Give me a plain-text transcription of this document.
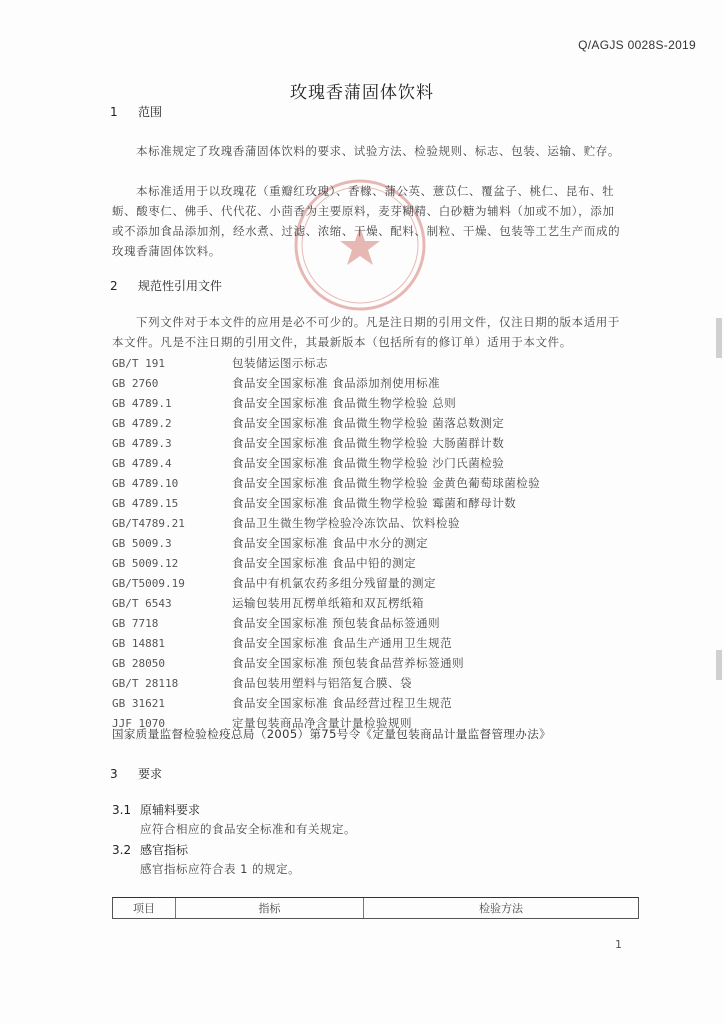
Q/AGJS 0028S-2019
玫瑰香蒲固体饮料
1 范围
本标准规定了玫瑰香蒲固体饮料的要求、试验方法、检验规则、标志、包装、运输、贮存。
本标准适用于以玫瑰花（重瓣红玫瑰）、香橼、蒲公英、薏苡仁、覆盆子、桃仁、昆布、牡蛎、酸枣仁、佛手、代代花、小茴香为主要原料，麦芽糊精、白砂糖为辅料（加或不加），添加或不添加食品添加剂，经水煮、过滤、浓缩、干燥、配料、制粒、干燥、包装等工艺生产而成的玫瑰香蒲固体饮料。
2 规范性引用文件
下列文件对于本文件的应用是必不可少的。凡是注日期的引用文件，仅注日期的版本适用于本文件。凡是不注日期的引用文件，其最新版本（包括所有的修订单）适用于本文件。
GB/T 191	包装储运图示标志
GB 2760	食品安全国家标准 食品添加剂使用标准
GB 4789.1	食品安全国家标准 食品微生物学检验 总则
GB 4789.2	食品安全国家标准 食品微生物学检验 菌落总数测定
GB 4789.3	食品安全国家标准 食品微生物学检验 大肠菌群计数
GB 4789.4	食品安全国家标准 食品微生物学检验 沙门氏菌检验
GB 4789.10	食品安全国家标准 食品微生物学检验 金黄色葡萄球菌检验
GB 4789.15	食品安全国家标准 食品微生物学检验 霉菌和酵母计数
GB/T4789.21	食品卫生微生物学检验冷冻饮品、饮料检验
GB 5009.3	食品安全国家标准 食品中水分的测定
GB 5009.12	食品安全国家标准 食品中铅的测定
GB/T5009.19	食品中有机氯农药多组分残留量的测定
GB/T 6543	运输包装用瓦楞单纸箱和双瓦楞纸箱
GB 7718	食品安全国家标准 预包装食品标签通则
GB 14881	食品安全国家标准 食品生产通用卫生规范
GB 28050	食品安全国家标准 预包装食品营养标签通则
GB/T 28118	食品包装用塑料与铝箔复合膜、袋
GB 31621	食品安全国家标准 食品经营过程卫生规范
JJF 1070	定量包装商品净含量计量检验规则
国家质量监督检验检疫总局（2005）第75号令《定量包装商品计量监督管理办法》
3 要求
3.1 原辅料要求
应符合相应的食品安全标准和有关规定。
3.2 感官指标
感官指标应符合表 1 的规定。
项目	指标	检验方法
1
